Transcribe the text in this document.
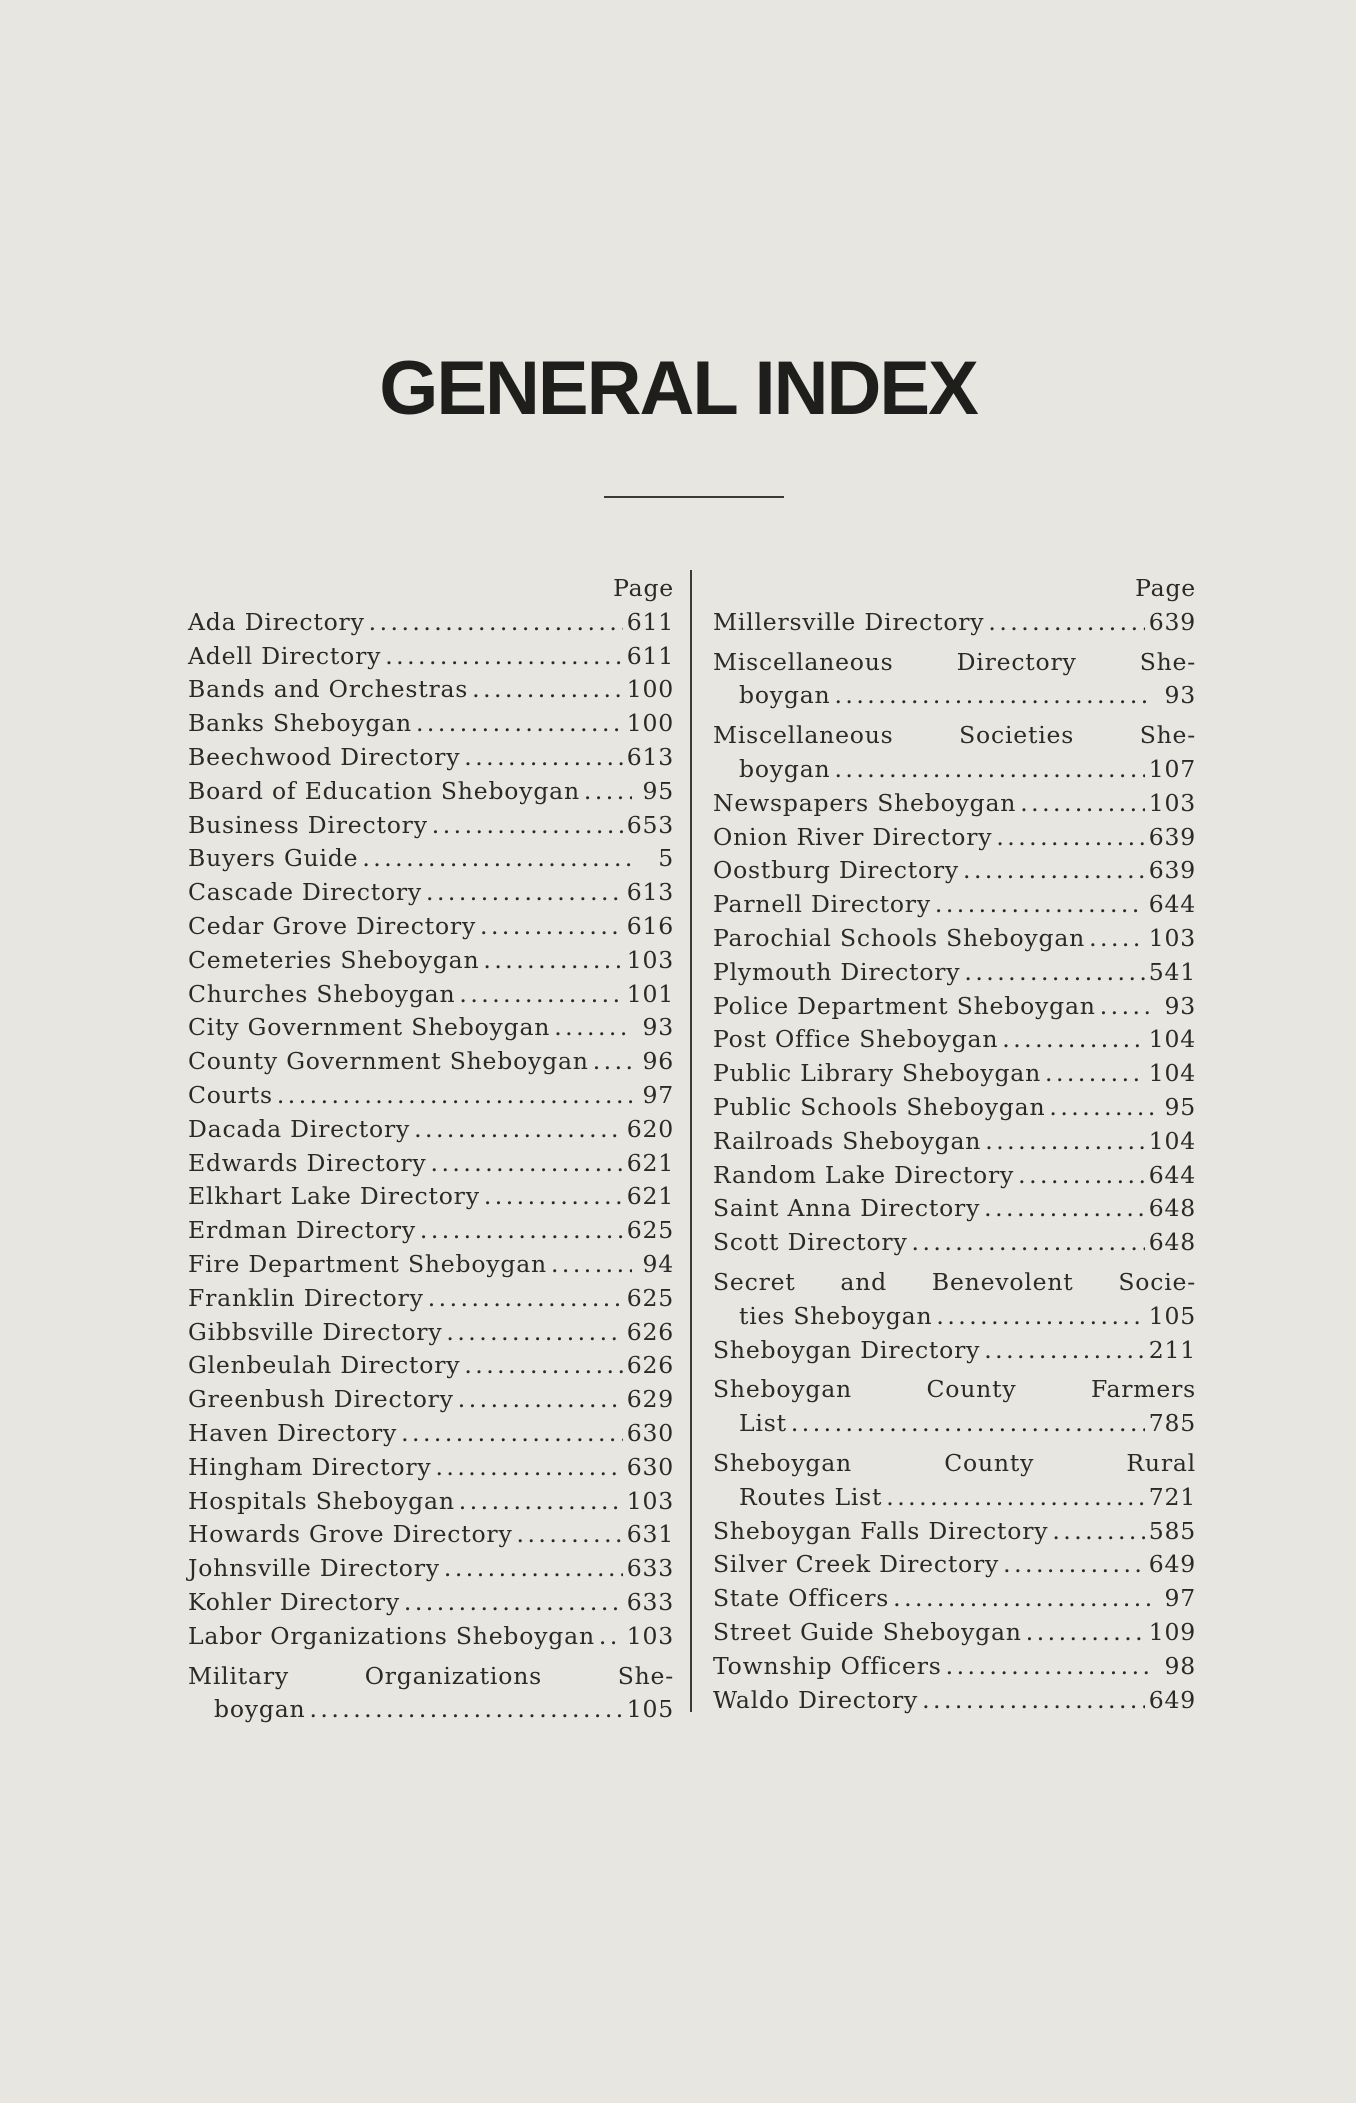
GENERAL INDEX
Page
Ada Directory . . .	611
Adell Directory . . .	611
Bands and Orchestras . . .	100
Banks Sheboygan . . .	100
Beechwood Directory . . .	613
Board of Education Sheboygan . . .	95
Business Directory . . .	653
Buyers Guide . . .	5
Cascade Directory . . .	613
Cedar Grove Directory . . .	616
Cemeteries Sheboygan . . .	103
Churches Sheboygan . . .	101
City Government Sheboygan . . .	93
County Government Sheboygan . . . 96
Courts . . .	97
Dacada Directory . . .	620
Edwards Directory . . .	621
Elkhart Lake Directory . . .	621
Erdman Directory . . .	625
Fire Department Sheboygan . . .	94
Franklin Directory . . .	625
Gibbsville Directory . . .	626
Glenbeulah Directory . . .	626
Greenbush Directory . . .	629
Haven Directory . . .	630
Hingham Directory . . .	630
Hospitals Sheboygan . . .	103
Howards Grove Directory . . .	631
Johnsville Directory . . .	633
Kohler Directory . . .	633
Labor Organizations Sheboygan . . . 103
Military	Organizations	She-
boygan . . .	105
Page
Millersville Directory . . .	639
Miscellaneous	Directory	She-
boygan . . .	93
Miscellaneous	Societies	She-
boygan . . .	107
Newspapers Sheboygan . . .	103
Onion River Directory . . .	639
Oostburg Directory . . .	639
Parnell Directory . . .	644
Parochial Schools Sheboygan . . .	103
Plymouth Directory . . .	541
Police Department Sheboygan . . .	93
Post Office Sheboygan . . .	104
Public Library Sheboygan . . .	104
Public Schools Sheboygan . . .	95
Railroads Sheboygan . . .	104
Random Lake Directory . . .	644
Saint Anna Directory . . .	648
Scott Directory . . .	648
Secret and Benevolent Socie-
ties Sheboygan . . .	105
Sheboygan Directory . . .	211
Sheboygan	County	Farmers
List . . .	785
Sheboygan	County	Rural
Routes List . . .	721
Sheboygan Falls Directory . . .	585
Silver Creek Directory . . .	649
State Officers . . .	97
Street Guide Sheboygan . . .	109
Township Officers . . .	98
Waldo Directory . . .	649
